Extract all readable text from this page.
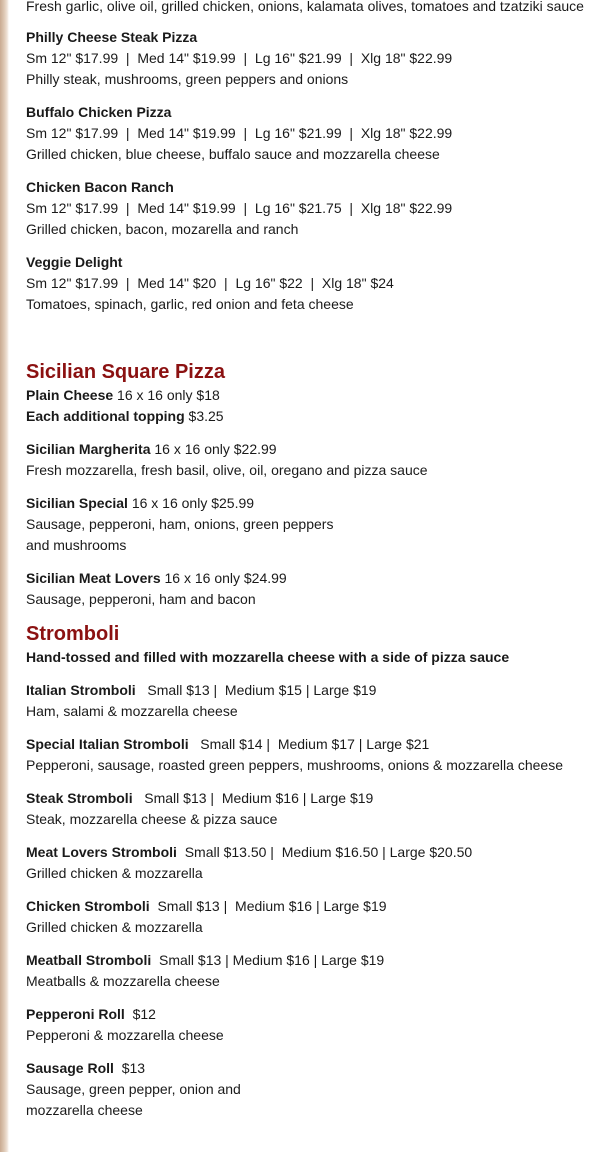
Fresh garlic, olive oil, grilled chicken, onions, kalamata olives, tomatoes and tzatziki sauce
Philly Cheese Steak Pizza
Sm 12" $17.99  |  Med 14" $19.99  |  Lg 16" $21.99  |  Xlg 18" $22.99
Philly steak, mushrooms, green peppers and onions
Buffalo Chicken Pizza
Sm 12" $17.99  |  Med 14" $19.99  |  Lg 16" $21.99  |  Xlg 18" $22.99
Grilled chicken, blue cheese, buffalo sauce and mozzarella cheese
Chicken Bacon Ranch
Sm 12" $17.99  |  Med 14" $19.99  |  Lg 16" $21.75  |  Xlg 18" $22.99
Grilled chicken, bacon, mozarella and ranch
Veggie Delight
Sm 12" $17.99  |  Med 14" $20  |  Lg 16" $22  |  Xlg 18" $24
Tomatoes, spinach, garlic, red onion and feta cheese
Sicilian Square Pizza
Plain Cheese 16 x 16 only $18
Each additional topping $3.25
Sicilian Margherita 16 x 16 only $22.99
Fresh mozzarella, fresh basil, olive, oil, oregano and pizza sauce
Sicilian Special 16 x 16 only $25.99
Sausage, pepperoni, ham, onions, green peppers
and mushrooms
Sicilian Meat Lovers 16 x 16 only $24.99
Sausage, pepperoni, ham and bacon
Stromboli
Hand-tossed and filled with mozzarella cheese with a side of pizza sauce
Italian Stromboli   Small $13 |  Medium $15 | Large $19
Ham, salami & mozzarella cheese
Special Italian Stromboli   Small $14 |  Medium $17 | Large $21
Pepperoni, sausage, roasted green peppers, mushrooms, onions & mozzarella cheese
Steak Stromboli   Small $13 |  Medium $16 | Large $19
Steak, mozzarella cheese & pizza sauce
Meat Lovers Stromboli  Small $13.50 |  Medium $16.50 | Large $20.50
Grilled chicken & mozzarella
Chicken Stromboli  Small $13 |  Medium $16 | Large $19
Grilled chicken & mozzarella
Meatball Stromboli  Small $13 | Medium $16 | Large $19
Meatballs & mozzarella cheese
Pepperoni Roll  $12
Pepperoni & mozzarella cheese
Sausage Roll  $13
Sausage, green pepper, onion and
mozzarella cheese
